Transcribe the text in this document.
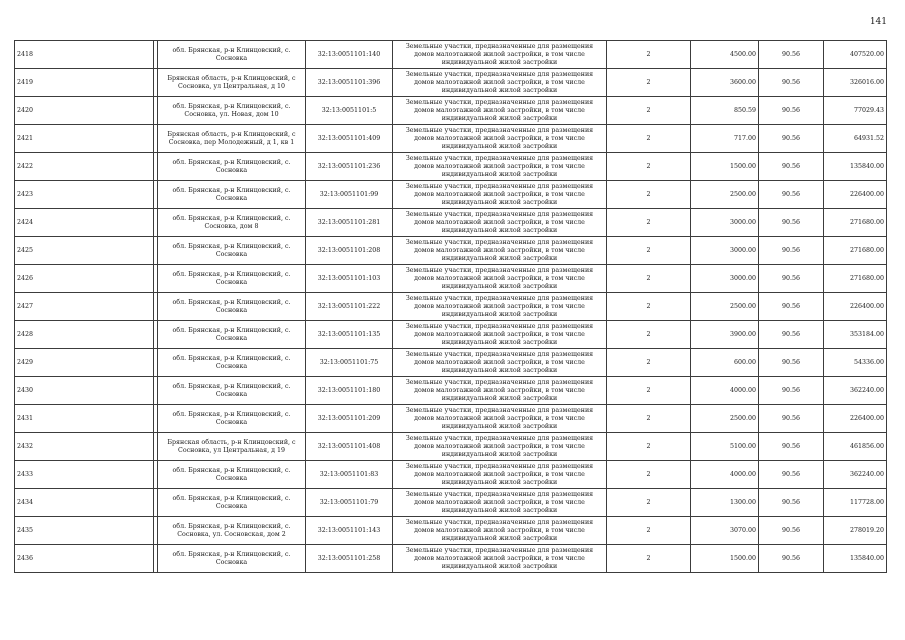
141
2418		обл. Брянская, р-н Клинцовский, с. Сосновка	32:13:0051101:140	Земельные участки, предназначенные для размещения домов малоэтажной жилой застройки, в том числе индивидуальной жилой застройки	2	4500.00	90.56	407520.00
2419		Брянская область, р-н Клинцовский, с Сосновка, ул Центральная, д 10	32:13:0051101:396	Земельные участки, предназначенные для размещения домов малоэтажной жилой застройки, в том числе индивидуальной жилой застройки	2	3600.00	90.56	326016.00
2420		обл. Брянская, р-н Клинцовский, с. Сосновка, ул. Новая, дом 10	32:13:0051101:5	Земельные участки, предназначенные для размещения домов малоэтажной жилой застройки, в том числе индивидуальной жилой застройки	2	850.59	90.56	77029.43
2421		Брянская область, р-н Клинцовский, с Сосновка, пер Молодежный, д 1, кв 1	32:13:0051101:409	Земельные участки, предназначенные для размещения домов малоэтажной жилой застройки, в том числе индивидуальной жилой застройки	2	717.00	90.56	64931.52
2422		обл. Брянская, р-н Клинцовский, с. Сосновка	32:13:0051101:236	Земельные участки, предназначенные для размещения домов малоэтажной жилой застройки, в том числе индивидуальной жилой застройки	2	1500.00	90.56	135840.00
2423		обл. Брянская, р-н Клинцовский, с. Сосновка	32:13:0051101:99	Земельные участки, предназначенные для размещения домов малоэтажной жилой застройки, в том числе индивидуальной жилой застройки	2	2500.00	90.56	226400.00
2424		обл. Брянская, р-н Клинцовский, с. Сосновка, дом 8	32:13:0051101:281	Земельные участки, предназначенные для размещения домов малоэтажной жилой застройки, в том числе индивидуальной жилой застройки	2	3000.00	90.56	271680.00
2425		обл. Брянская, р-н Клинцовский, с. Сосновка	32:13:0051101:208	Земельные участки, предназначенные для размещения домов малоэтажной жилой застройки, в том числе индивидуальной жилой застройки	2	3000.00	90.56	271680.00
2426		обл. Брянская, р-н Клинцовский, с. Сосновка	32:13:0051101:103	Земельные участки, предназначенные для размещения домов малоэтажной жилой застройки, в том числе индивидуальной жилой застройки	2	3000.00	90.56	271680.00
2427		обл. Брянская, р-н Клинцовский, с. Сосновка	32:13:0051101:222	Земельные участки, предназначенные для размещения домов малоэтажной жилой застройки, в том числе индивидуальной жилой застройки	2	2500.00	90.56	226400.00
2428		обл. Брянская, р-н Клинцовский, с. Сосновка	32:13:0051101:135	Земельные участки, предназначенные для размещения домов малоэтажной жилой застройки, в том числе индивидуальной жилой застройки	2	3900.00	90.56	353184.00
2429		обл. Брянская, р-н Клинцовский, с. Сосновка	32:13:0051101:75	Земельные участки, предназначенные для размещения домов малоэтажной жилой застройки, в том числе индивидуальной жилой застройки	2	600.00	90.56	54336.00
2430		обл. Брянская, р-н Клинцовский, с. Сосновка	32:13:0051101:180	Земельные участки, предназначенные для размещения домов малоэтажной жилой застройки, в том числе индивидуальной жилой застройки	2	4000.00	90.56	362240.00
2431		обл. Брянская, р-н Клинцовский, с. Сосновка	32:13:0051101:209	Земельные участки, предназначенные для размещения домов малоэтажной жилой застройки, в том числе индивидуальной жилой застройки	2	2500.00	90.56	226400.00
2432		Брянская область, р-н Клинцовский, с Сосновка, ул Центральная, д 19	32:13:0051101:408	Земельные участки, предназначенные для размещения домов малоэтажной жилой застройки, в том числе индивидуальной жилой застройки	2	5100.00	90.56	461856.00
2433		обл. Брянская, р-н Клинцовский, с. Сосновка	32:13:0051101:83	Земельные участки, предназначенные для размещения домов малоэтажной жилой застройки, в том числе индивидуальной жилой застройки	2	4000.00	90.56	362240.00
2434		обл. Брянская, р-н Клинцовский, с. Сосновка	32:13:0051101:79	Земельные участки, предназначенные для размещения домов малоэтажной жилой застройки, в том числе индивидуальной жилой застройки	2	1300.00	90.56	117728.00
2435		обл. Брянская, р-н Клинцовский, с. Сосновка, ул. Сосновская, дом 2	32:13:0051101:143	Земельные участки, предназначенные для размещения домов малоэтажной жилой застройки, в том числе индивидуальной жилой застройки	2	3070.00	90.56	278019.20
2436		обл. Брянская, р-н Клинцовский, с. Сосновка	32:13:0051101:258	Земельные участки, предназначенные для размещения домов малоэтажной жилой застройки, в том числе индивидуальной жилой застройки	2	1500.00	90.56	135840.00
